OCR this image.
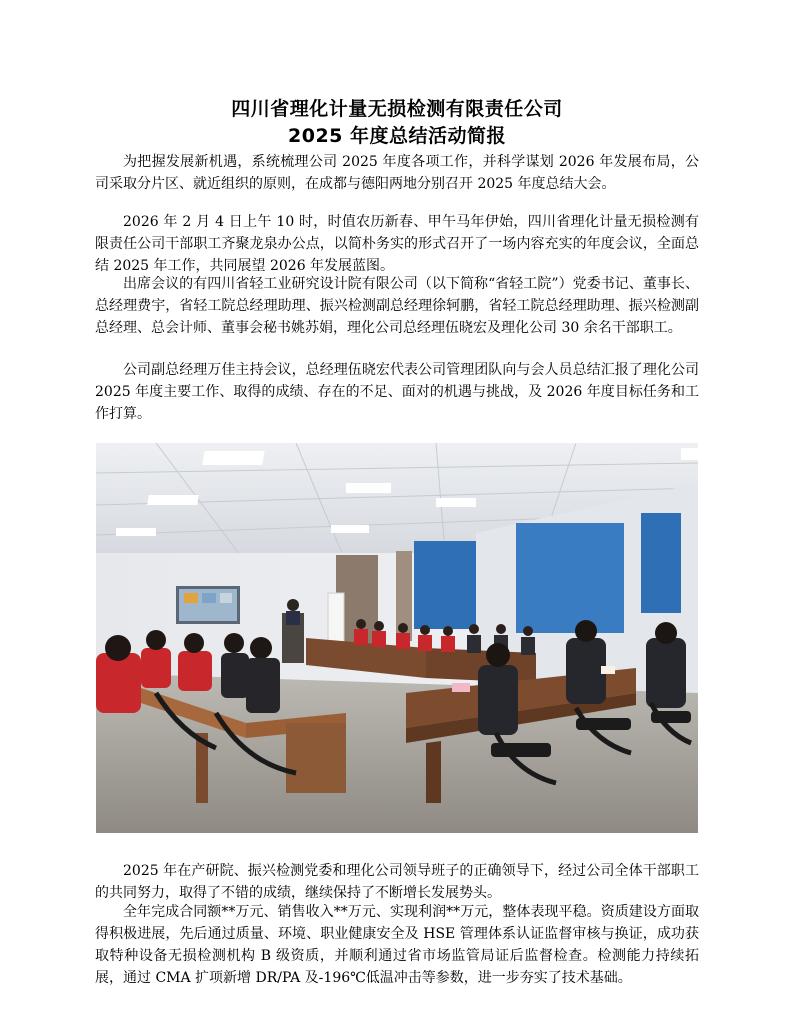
四川省理化计量无损检测有限责任公司
2025 年度总结活动简报

为把握发展新机遇，系统梳理公司 2025 年度各项工作，并科学谋划 2026 年发展布局，公司采取分片区、就近组织的原则，在成都与德阳两地分别召开 2025 年度总结大会。

2026 年 2 月 4 日上午 10 时，时值农历新春、甲午马年伊始，四川省理化计量无损检测有限责任公司干部职工齐聚龙泉办公点，以简朴务实的形式召开了一场内容充实的年度会议，全面总结 2025 年工作，共同展望 2026 年发展蓝图。

出席会议的有四川省轻工业研究设计院有限公司（以下简称“省轻工院”）党委书记、董事长、总经理费宇，省轻工院总经理助理、振兴检测副总经理徐轲鹏，省轻工院总经理助理、振兴检测副总经理、总会计师、董事会秘书姚苏娟，理化公司总经理伍晓宏及理化公司 30 余名干部职工。

公司副总经理万佳主持会议，总经理伍晓宏代表公司管理团队向与会人员总结汇报了理化公司 2025 年度主要工作、取得的成绩、存在的不足、面对的机遇与挑战，及 2026 年度目标任务和工作打算。

2025 年在产研院、振兴检测党委和理化公司领导班子的正确领导下，经过公司全体干部职工的共同努力，取得了不错的成绩，继续保持了不断增长发展势头。

全年完成合同额**万元、销售收入**万元、实现利润**万元，整体表现平稳。资质建设方面取得积极进展，先后通过质量、环境、职业健康安全及 HSE 管理体系认证监督审核与换证，成功获取特种设备无损检测机构 B 级资质，并顺利通过省市场监管局证后监督检查。检测能力持续拓展，通过 CMA 扩项新增 DR/PA 及-196℃低温冲击等参数，进一步夯实了技术基础。
